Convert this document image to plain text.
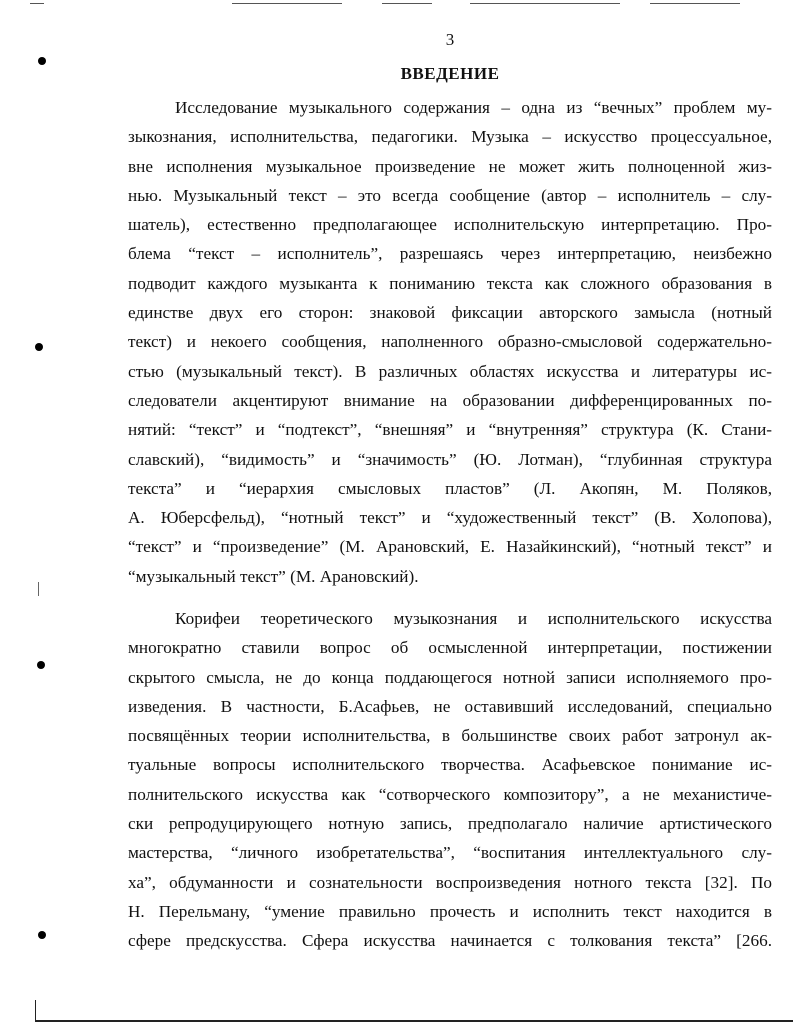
3
ВВЕДЕНИЕ
Исследование музыкального содержания – одна из “вечных” проблем му-
зыкознания, исполнительства, педагогики. Музыка – искусство процессуальное,
вне исполнения музыкальное произведение не может жить полноценной жиз-
нью. Музыкальный текст – это всегда сообщение (автор – исполнитель – слу-
шатель), естественно предполагающее исполнительскую интерпретацию. Про-
блема “текст – исполнитель”, разрешаясь через интерпретацию, неизбежно
подводит каждого музыканта к пониманию текста как сложного образования в
единстве двух его сторон: знаковой фиксации авторского замысла (нотный
текст) и некоего сообщения, наполненного образно-смысловой содержательно-
стью (музыкальный текст). В различных областях искусства и литературы ис-
следователи акцентируют внимание на образовании дифференцированных по-
нятий: “текст” и “подтекст”, “внешняя” и “внутренняя” структура (К. Стани-
славский), “видимость” и “значимость” (Ю. Лотман), “глубинная структура
текста” и “иерархия смысловых пластов” (Л. Акопян, М. Поляков,
А. Юберсфельд), “нотный текст” и “художественный текст” (В. Холопова),
“текст” и “произведение” (М. Арановский, Е. Назайкинский), “нотный текст” и
“музыкальный текст” (М. Арановский).
Корифеи теоретического музыкознания и исполнительского искусства
многократно ставили вопрос об осмысленной интерпретации, постижении
скрытого смысла, не до конца поддающегося нотной записи исполняемого про-
изведения. В частности, Б.Асафьев, не оставивший исследований, специально
посвящённых теории исполнительства, в большинстве своих работ затронул ак-
туальные вопросы исполнительского творчества. Асафьевское понимание ис-
полнительского искусства как “сотворческого композитору”, а не механистиче-
ски репродуцирующего нотную запись, предполагало наличие артистического
мастерства, “личного изобретательства”, “воспитания интеллектуального слу-
ха”, обдуманности и сознательности воспроизведения нотного текста [32]. По
Н. Перельману, “умение правильно прочесть и исполнить текст находится в
сфере предскусства. Сфера искусства начинается с толкования текста” [266.
